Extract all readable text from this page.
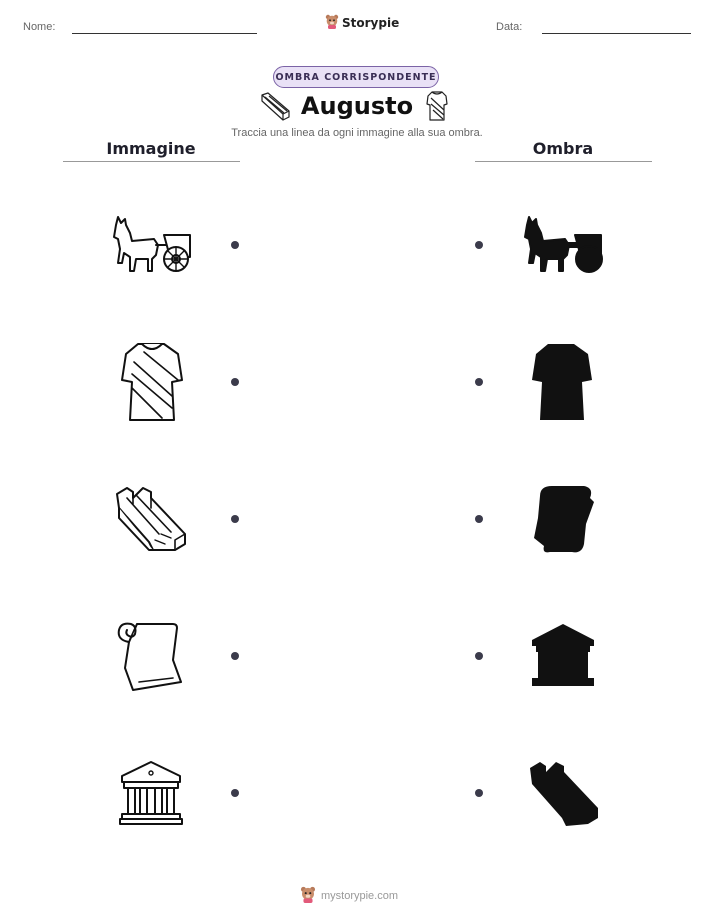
Nome:	Storypie	Data:
OMBRA CORRISPONDENTE
Augusto
Traccia una linea da ogni immagine alla sua ombra.
Immagine	Ombra
mystorypie.com
